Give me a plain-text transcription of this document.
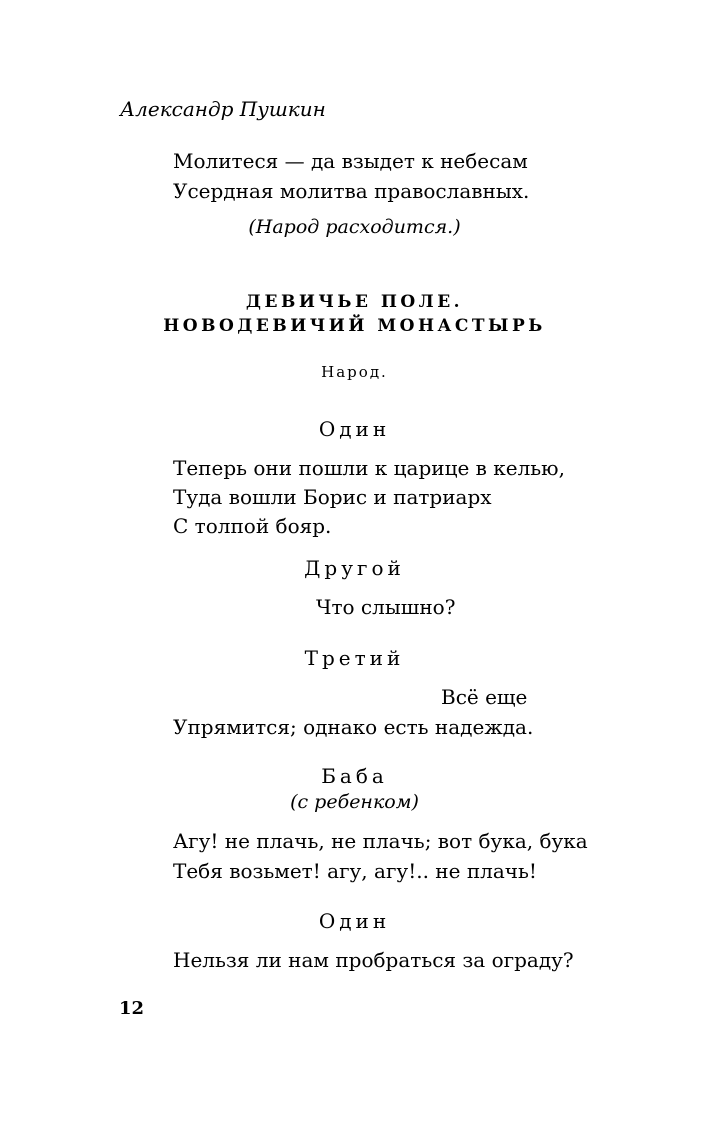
Александр Пушкин
Молитеся — да взыдет к небесам
Усердная молитва православных.
(Народ расходится.)
ДЕВИЧЬЕ ПОЛЕ.
НОВОДЕВИЧИЙ МОНАСТЫРЬ
Народ.
Один
Теперь они пошли к царице в келью,
Туда вошли Борис и патриарх
С толпой бояр.
Другой
Что слышно?
Третий
Всё еще
Упрямится; однако есть надежда.
Баба
(с ребенком)
Агу! не плачь, не плачь; вот бука, бука
Тебя возьмет! агу, агу!.. не плачь!
Один
Нельзя ли нам пробраться за ограду?
12
